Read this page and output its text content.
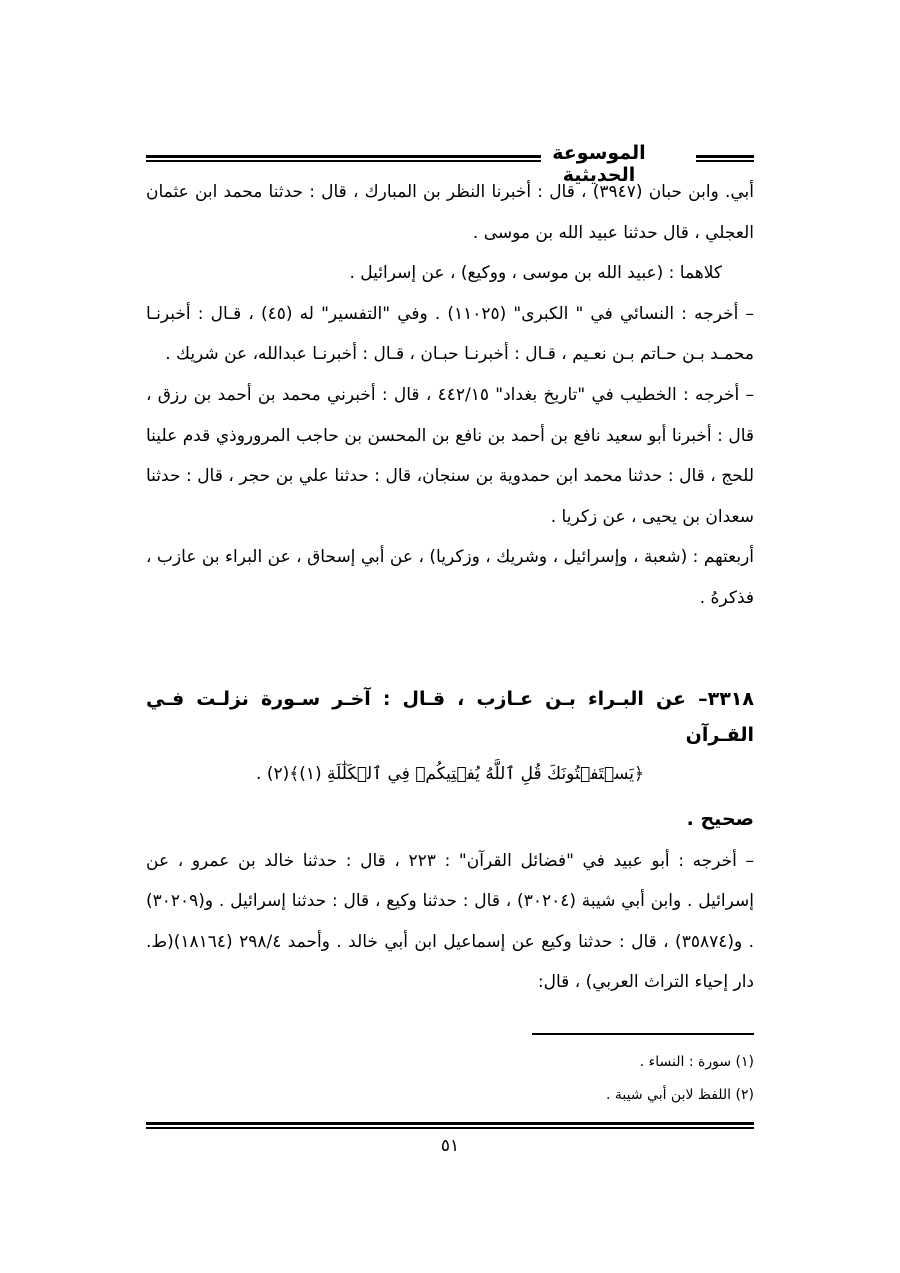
الموسوعة الحديثية

أبي. وابن حبان (٣٩٤٧) ، قال : أخبرنا النظر بن المبارك ، قال : حدثنا محمد ابن عثمان العجلي ، قال حدثنا عبيد الله بن موسى .

كلاهما : (عبيد الله بن موسى ، ووكيع) ، عن إسرائيل .

– أخرجه : النسائي في " الكبرى" (١١٠٢٥) . وفي "التفسير" له (٤٥) ، قـال : أخبرنـا محمـد بـن حـاتم بـن نعـيم ، قـال : أخبرنـا حبـان ، قـال : أخبرنـا عبدالله، عن شريك .

– أخرجه : الخطيب في "تاريخ بغداد" ٤٤٢/١٥ ، قال : أخبرني محمد بن أحمد بن رزق ، قال : أخبرنا أبو سعيد نافع بن أحمد بن نافع بن المحسن بن حاجب المروروذي قدم علينا للحج ، قال : حدثنا محمد ابن حمدوية بن سنجان، قال : حدثنا علي بن حجر ، قال : حدثنا سعدان بن يحيى ، عن زكريا .

أربعتهم : (شعبة ، وإسرائيل ، وشريك ، وزكريا) ، عن أبي إسحاق ، عن البراء بن عازب ، فذكرهُ .

٣٣١٨– عن البـراء بـن عـازب ، قـال : آخـر سـورة نزلـت فـي القـرآن

﴿يَسۡتَفۡتُونَكَ قُلِ ٱللَّهُ يُفۡتِيكُمۡ فِي ٱلۡكَلَٰلَةِ (١)﴾(٢) .

صحيح .

– أخرجه : أبو عبيد في "فضائل القرآن" : ٢٢٣ ، قال : حدثنا خالد بن عمرو ، عن إسرائيل . وابن أبي شيبة (٣٠٢٠٤) ، قال : حدثنا وكيع ، قال : حدثنا إسرائيل . و(٣٠٢٠٩) . و(٣٥٨٧٤) ، قال : حدثنا وكيع عن إسماعيل ابن أبي خالد . وأحمد ٢٩٨/٤ (١٨١٦٤)(ط. دار إحياء التراث العربي) ، قال:

(١) سورة : النساء .

(٢) اللفظ لابن أبي شيبة .

٥١
